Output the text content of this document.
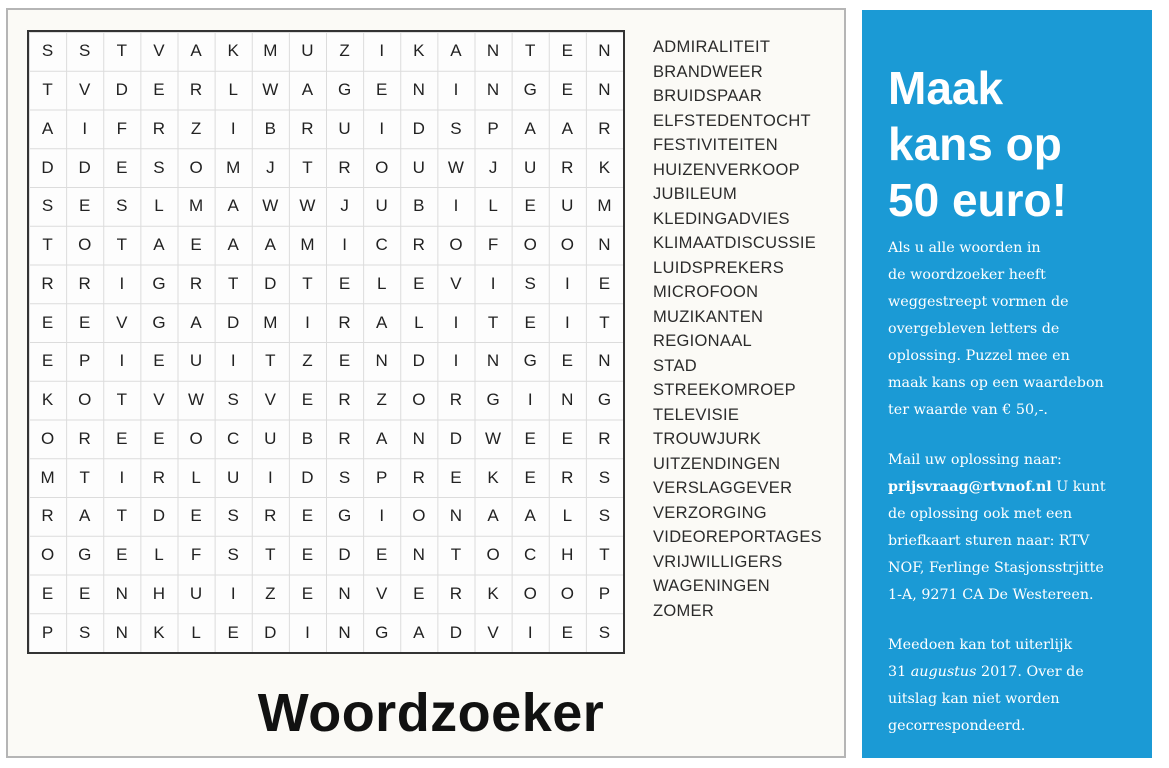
S	S	T	V	A	K	M	U	Z	I	K	A	N	T	E	N
T	V	D	E	R	L	W	A	G	E	N	I	N	G	E	N
A	I	F	R	Z	I	B	R	U	I	D	S	P	A	A	R
D	D	E	S	O	M	J	T	R	O	U	W	J	U	R	K
S	E	S	L	M	A	W	W	J	U	B	I	L	E	U	M
T	O	T	A	E	A	A	M	I	C	R	O	F	O	O	N
R	R	I	G	R	T	D	T	E	L	E	V	I	S	I	E
E	E	V	G	A	D	M	I	R	A	L	I	T	E	I	T
E	P	I	E	U	I	T	Z	E	N	D	I	N	G	E	N
K	O	T	V	W	S	V	E	R	Z	O	R	G	I	N	G
O	R	E	E	O	C	U	B	R	A	N	D	W	E	E	R
M	T	I	R	L	U	I	D	S	P	R	E	K	E	R	S
R	A	T	D	E	S	R	E	G	I	O	N	A	A	L	S
O	G	E	L	F	S	T	E	D	E	N	T	O	C	H	T
E	E	N	H	U	I	Z	E	N	V	E	R	K	O	O	P
P	S	N	K	L	E	D	I	N	G	A	D	V	I	E	S
ADMIRALITEIT
BRANDWEER
BRUIDSPAAR
ELFSTEDENTOCHT
FESTIVITEITEN
HUIZENVERKOOP
JUBILEUM
KLEDINGADVIES
KLIMAATDISCUSSIE
LUIDSPREKERS
MICROFOON
MUZIKANTEN
REGIONAAL
STAD
STREEKOMROEP
TELEVISIE
TROUWJURK
UITZENDINGEN
VERSLAGGEVER
VERZORGING
VIDEOREPORTAGES
VRIJWILLIGERS
WAGENINGEN
ZOMER
Woordzoeker
Maak
kans op
50 euro!
Als u alle woorden in
de woordzoeker heeft
weggestreept vormen de
overgebleven letters de
oplossing. Puzzel mee en
maak kans op een waardebon
ter waarde van € 50,-.
Mail uw oplossing naar:
prijsvraag@rtvnof.nl U kunt
de oplossing ook met een
briefkaart sturen naar: RTV
NOF, Ferlinge Stasjonsstrjitte
1-A, 9271 CA De Westereen.
Meedoen kan tot uiterlijk
31 augustus 2017. Over de
uitslag kan niet worden
gecorrespondeerd.
